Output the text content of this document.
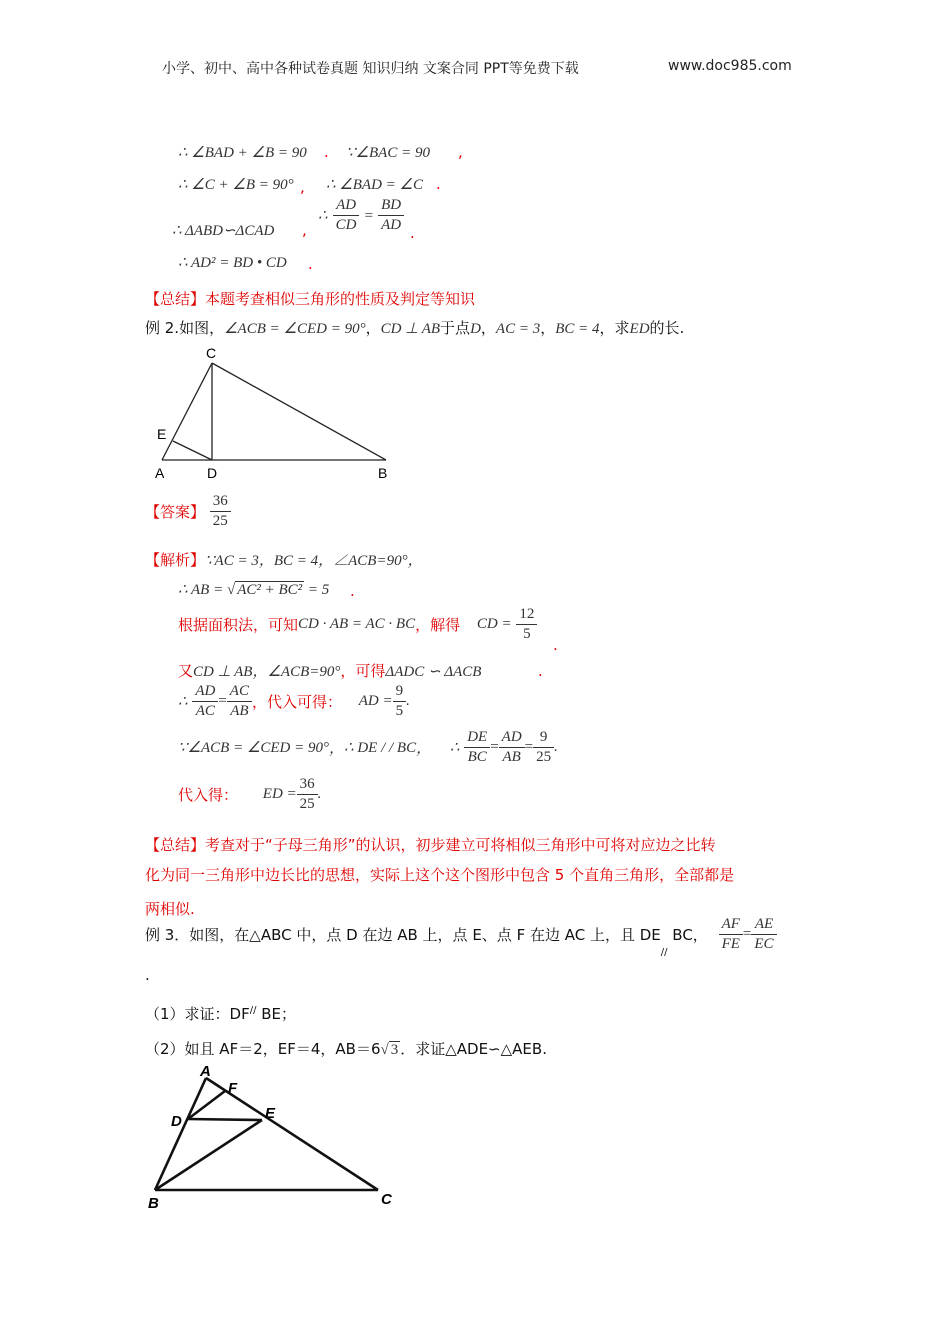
小学、初中、高中各种试卷真题 知识归纳 文案合同 PPT等免费下载	www.doc985.com
∴ ∠BAD + ∠B = 90	∵∠BAC = 90
∴ ∠C + ∠B = 90° ∴ ∠BAD = ∠C
∴ ΔABD∽ΔCAD
∴ $\frac{AD}{CD} = \frac{BD}{AD}$
∴ AD² = BD • CD
【总结】本题考查相似三角形的性质及判定等知识
例 2.如图，∠ACB = ∠CED = 90°，CD ⊥ AB于点D，AC = 3，BC = 4，求ED的长.
C
E
A	D	B
【答案】 $\frac{36}{25}$
【解析】∵AC = 3，BC = 4，∠ACB=90°，
∴ AB = √ AC² + BC² = 5
根据面积法，可知CD · AB = AC · BC，解得 CD = $\frac{12}{5}$
又CD ⊥ AB，∠ACB=90°，可得ΔADC ∽ ΔACB
∴ $\frac{AD}{AC} = \frac{AC}{AB}$ ，代入可得： AD = $\frac{9}{5}$ .
∵∠ACB = ∠CED = 90°，∴ DE / / BC， ∴ $\frac{DE}{BC} = \frac{AD}{AB} = \frac{9}{25}$ .
代入得： ED = $\frac{36}{25}$ .
【总结】考查对于“子母三角形”的认识，初步建立可将相似三角形中可将对应边之比转
化为同一三角形中边长比的思想，实际上这个这个图形中包含 5 个直角三角形，全部都是
两相似.
例 3．如图，在△ABC 中，点 D 在边 AB 上，点 E、点 F 在边 AC 上，且 $DE_{//}$ BC， $\frac{AF}{FE} = \frac{AE}{EC}$
.
（1）求证：DF// BE；
（2）如且 AF＝2，EF＝4，AB＝6√ 3 ．求证△ADE∽△AEB.
A
F
D	E
B	C
.	,
,	.
,	.
.
.
.
.
